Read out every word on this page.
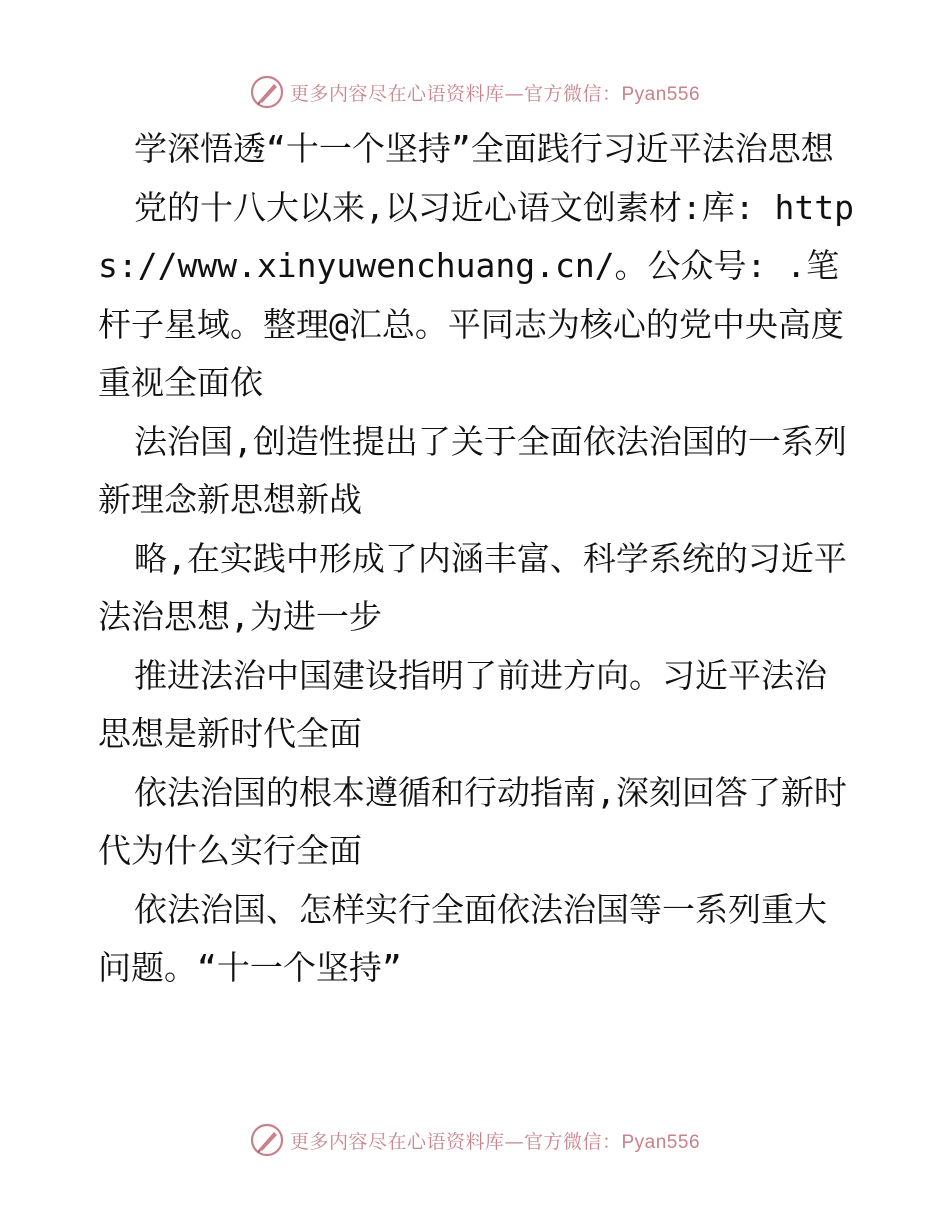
更多内容尽在心语资料库—官方微信：Pyan556

学深悟透“十一个坚持”全面践行习近平法治思想

党的十八大以来,以习近心语文创素材:库: https://www.xinyuwenchuang.cn/。公众号: .笔杆子星域。整理@汇总。平同志为核心的党中央高度重视全面依

法治国,创造性提出了关于全面依法治国的一系列新理念新思想新战

略,在实践中形成了内涵丰富、科学系统的习近平法治思想,为进一步

推进法治中国建设指明了前进方向。习近平法治思想是新时代全面

依法治国的根本遵循和行动指南,深刻回答了新时代为什么实行全面

依法治国、怎样实行全面依法治国等一系列重大问题。“十一个坚持”

更多内容尽在心语资料库—官方微信：Pyan556
